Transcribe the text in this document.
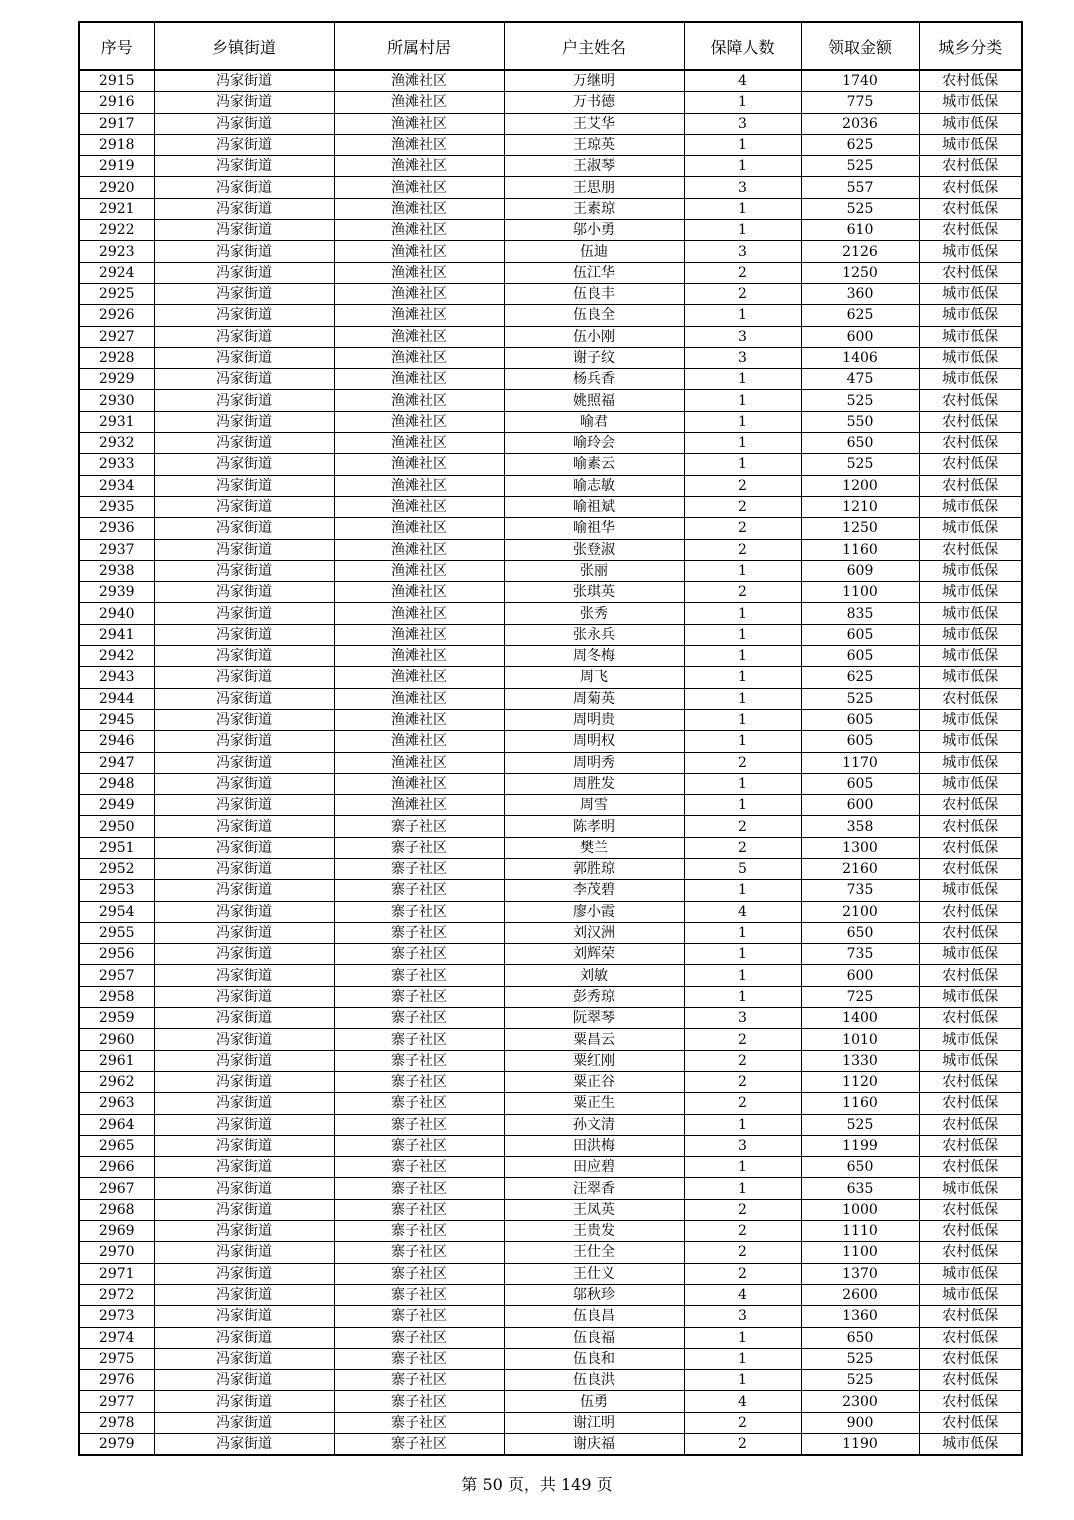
序号	乡镇街道	所属村居	户主姓名	保障人数	领取金额	城乡分类
2915	冯家街道	渔滩社区	万继明	4	1740	农村低保
2916	冯家街道	渔滩社区	万书德	1	775	城市低保
2917	冯家街道	渔滩社区	王艾华	3	2036	城市低保
2918	冯家街道	渔滩社区	王琼英	1	625	城市低保
2919	冯家街道	渔滩社区	王淑琴	1	525	农村低保
2920	冯家街道	渔滩社区	王思朋	3	557	农村低保
2921	冯家街道	渔滩社区	王素琼	1	525	农村低保
2922	冯家街道	渔滩社区	邬小勇	1	610	农村低保
2923	冯家街道	渔滩社区	伍迪	3	2126	城市低保
2924	冯家街道	渔滩社区	伍江华	2	1250	农村低保
2925	冯家街道	渔滩社区	伍良丰	2	360	城市低保
2926	冯家街道	渔滩社区	伍良全	1	625	城市低保
2927	冯家街道	渔滩社区	伍小刚	3	600	城市低保
2928	冯家街道	渔滩社区	谢子纹	3	1406	城市低保
2929	冯家街道	渔滩社区	杨兵香	1	475	城市低保
2930	冯家街道	渔滩社区	姚照福	1	525	农村低保
2931	冯家街道	渔滩社区	喻君	1	550	农村低保
2932	冯家街道	渔滩社区	喻玲会	1	650	农村低保
2933	冯家街道	渔滩社区	喻素云	1	525	农村低保
2934	冯家街道	渔滩社区	喻志敏	2	1200	农村低保
2935	冯家街道	渔滩社区	喻祖斌	2	1210	城市低保
2936	冯家街道	渔滩社区	喻祖华	2	1250	城市低保
2937	冯家街道	渔滩社区	张登淑	2	1160	农村低保
2938	冯家街道	渔滩社区	张丽	1	609	城市低保
2939	冯家街道	渔滩社区	张琪英	2	1100	城市低保
2940	冯家街道	渔滩社区	张秀	1	835	城市低保
2941	冯家街道	渔滩社区	张永兵	1	605	城市低保
2942	冯家街道	渔滩社区	周冬梅	1	605	城市低保
2943	冯家街道	渔滩社区	周飞	1	625	城市低保
2944	冯家街道	渔滩社区	周菊英	1	525	农村低保
2945	冯家街道	渔滩社区	周明贵	1	605	城市低保
2946	冯家街道	渔滩社区	周明权	1	605	城市低保
2947	冯家街道	渔滩社区	周明秀	2	1170	城市低保
2948	冯家街道	渔滩社区	周胜发	1	605	城市低保
2949	冯家街道	渔滩社区	周雪	1	600	农村低保
2950	冯家街道	寨子社区	陈孝明	2	358	农村低保
2951	冯家街道	寨子社区	樊兰	2	1300	农村低保
2952	冯家街道	寨子社区	郭胜琼	5	2160	农村低保
2953	冯家街道	寨子社区	李茂碧	1	735	城市低保
2954	冯家街道	寨子社区	廖小霞	4	2100	农村低保
2955	冯家街道	寨子社区	刘汉洲	1	650	农村低保
2956	冯家街道	寨子社区	刘辉荣	1	735	城市低保
2957	冯家街道	寨子社区	刘敏	1	600	农村低保
2958	冯家街道	寨子社区	彭秀琼	1	725	城市低保
2959	冯家街道	寨子社区	阮翠琴	3	1400	农村低保
2960	冯家街道	寨子社区	粟昌云	2	1010	城市低保
2961	冯家街道	寨子社区	粟红刚	2	1330	城市低保
2962	冯家街道	寨子社区	粟正谷	2	1120	农村低保
2963	冯家街道	寨子社区	粟正生	2	1160	农村低保
2964	冯家街道	寨子社区	孙文清	1	525	农村低保
2965	冯家街道	寨子社区	田洪梅	3	1199	农村低保
2966	冯家街道	寨子社区	田应碧	1	650	农村低保
2967	冯家街道	寨子社区	汪翠香	1	635	城市低保
2968	冯家街道	寨子社区	王凤英	2	1000	农村低保
2969	冯家街道	寨子社区	王贵发	2	1110	农村低保
2970	冯家街道	寨子社区	王仕全	2	1100	农村低保
2971	冯家街道	寨子社区	王仕义	2	1370	城市低保
2972	冯家街道	寨子社区	邬秋珍	4	2600	城市低保
2973	冯家街道	寨子社区	伍良昌	3	1360	农村低保
2974	冯家街道	寨子社区	伍良福	1	650	农村低保
2975	冯家街道	寨子社区	伍良和	1	525	农村低保
2976	冯家街道	寨子社区	伍良洪	1	525	农村低保
2977	冯家街道	寨子社区	伍勇	4	2300	农村低保
2978	冯家街道	寨子社区	谢江明	2	900	农村低保
2979	冯家街道	寨子社区	谢庆福	2	1190	城市低保
第 50 页，共 149 页
